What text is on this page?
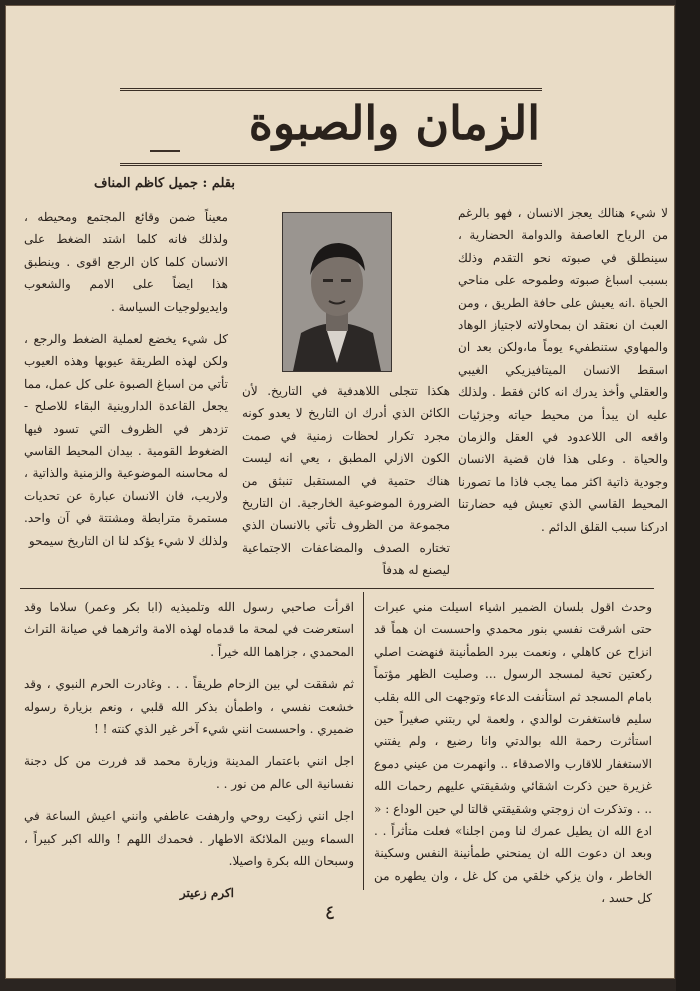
الزمان والصبوة
بقلم : جميل كاظم المناف

لا شيء هنالك يعجز الانسان ، فهو بالرغم من الرياح العاصفة والدوامة الحضارية ، سينطلق في صبوته نحو التقدم وذلك بسبب اسباغ صبوته وطموحه على مناحي الحياة .انه يعيش على حافة الطريق ، ومن العبث ان نعتقد ان بمحاولاته لاجتياز الوهاد والمهاوي ستنطفيء يوماً ما،ولكن بعد ان اسقط الانسان الميتافيزيكي الغيبي والعقلي وأخذ يدرك انه كائن فقط . ولذلك عليه ان يبدأ من محيط حياته وجزئيات واقعه الى اللاعدود في العقل والزمان والحياة . وعلى هذا فان قضية الانسان وجودية ذاتية اكثر مما يجب فاذا ما تصورنا المحيط القاسي الذي تعيش فيه حضارتنا ادركنا سبب القلق الدائم .

هكذا تتجلى اللاهدفية في التاريخ. لأن الكائن الذي أدرك ان التاريخ لا يعدو كونه مجرد تكرار لحظات زمنية في صمت الكون الازلي المطبق ، يعي انه ليست هناك حتمية في المستقبل تنبثق من الضرورة الموضوعية الخارجية. ان التاريخ مجموعة من الظروف تأتي بالانسان الذي تختاره الصدف والمضاعفات الاجتماعية ليصنع له هدفاً

معيناً ضمن وقائع المجتمع ومحيطه ، ولذلك فانه كلما اشتد الضغط على الانسان كلما كان الرجع اقوى . وينطبق هذا ايضاً على الامم والشعوب وايديولوجيات السياسة .

كل شيء يخضع لعملية الضغط والرجع ، ولكن لهذه الطريقة عيوبها وهذه العيوب تأتي من اسباغ الصبوة على كل عمل، مما يجعل القاعدة الداروينية البقاء للاصلح - تزدهر في الظروف التي تسود فيها الضغوط القومية . بيدان المحيط القاسي له محاسنه الموضوعية والزمنية والذاتية ، ولاريب، فان الانسان عبارة عن تحديات مستمرة مترابطة ومشتتة في آن واحد. ولذلك لا شيء يؤكد لنا ان التاريخ سيمحو

وحدث اقول بلسان الضمير اشياء اسيلت مني عبرات حتى اشرقت نفسي بنور محمدي واحسست ان هماً قد انزاح عن كاهلي ، ونعمت ببرد الطمأنينة فنهضت اصلي ركعتين تحية لمسجد الرسول ... وصليت الظهر مؤتماً بامام المسجد ثم استأنفت الدعاء وتوجهت الى الله بقلب سليم فاستغفرت لوالدي ، ولعمة لي ربتني صغيراً حين استأثرت رحمة الله بوالدتي وانا رضيع ، ولم يفتني الاستغفار للاقارب والاصدقاء .. وانهمرت من عيني دموع غزيرة حين ذكرت اشقائي وشقيقتي عليهم رحمات الله .. . وتذكرت ان زوجتي وشقيقتي قالتا لي حين الوداع : « ادع الله ان يطيل عمرك لنا ومن اجلنا» فعلت متأثراً . . وبعد ان دعوت الله ان يمنحني طمأنينة النفس وسكينة الخاطر ، وان يزكي خلقي من كل غل ، وان يطهره من كل حسد ،

اقرأت صاحبي رسول الله وتلميذيه (ابا بكر وعمر) سلاما وقد استعرضت في لمحة ما قدماه لهذه الامة واثرهما في صيانة التراث المحمدي ، جزاهما الله خيراً .

ثم شققت لي بين الزحام طريقاً . . . وغادرت الحرم النبوي ، وقد خشعت نفسي ، واطمأن بذكر الله قلبي ، ونعم بزيارة رسوله ضميري . واحسست انني شيء آخر غير الذي كنته ! !

اجل انني باعتمار المدينة وزيارة محمد قد فررت من كل دجنة نفسانية الى عالم من نور . .

اجل انني زكيت روحي وارهفت عاطفي وانني اعيش الساعة في السماء وبين الملائكة الاطهار . فحمدك اللهم ! والله اكبر كبيراً ، وسبحان الله بكرة واصيلا.

اكرم زعيتر
٤
